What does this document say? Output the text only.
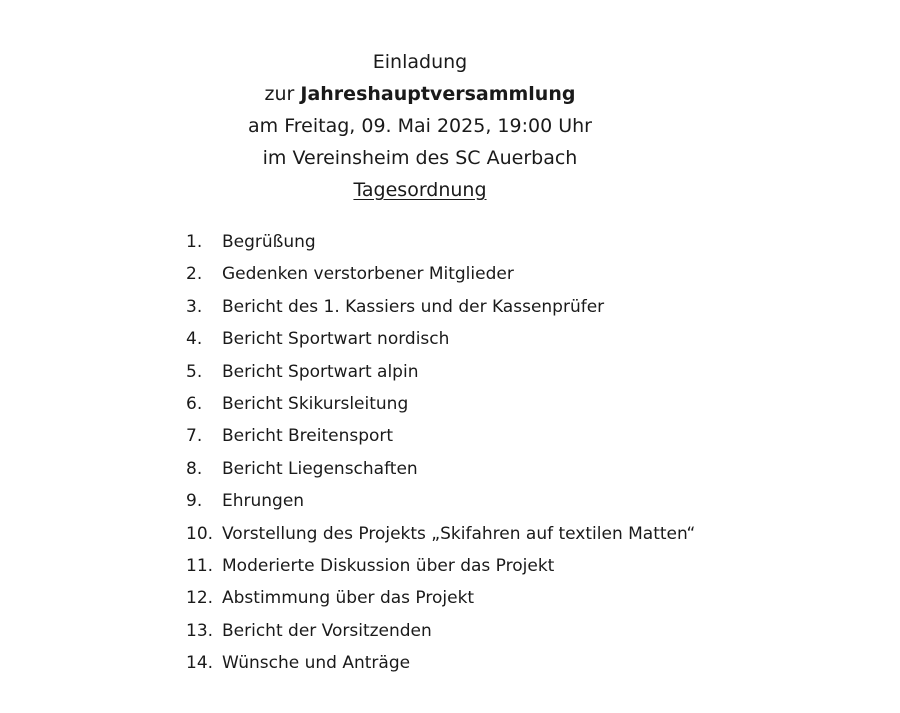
Einladung
zur Jahreshauptversammlung
am Freitag, 09. Mai 2025, 19:00 Uhr
im Vereinsheim des SC Auerbach
Tagesordnung
1. Begrüßung
2. Gedenken verstorbener Mitglieder
3. Bericht des 1. Kassiers und der Kassenprüfer
4. Bericht Sportwart nordisch
5. Bericht Sportwart alpin
6. Bericht Skikursleitung
7. Bericht Breitensport
8. Bericht Liegenschaften
9. Ehrungen
10. Vorstellung des Projekts „Skifahren auf textilen Matten“
11. Moderierte Diskussion über das Projekt
12. Abstimmung über das Projekt
13. Bericht der Vorsitzenden
14. Wünsche und Anträge
